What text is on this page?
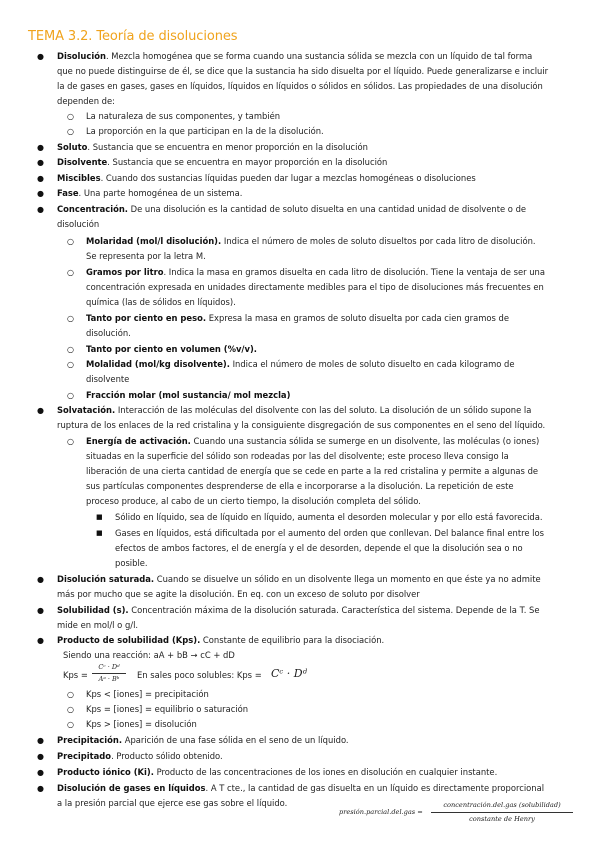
TEMA 3.2. Teoría de disoluciones
● Disolución. Mezcla homogénea que se forma cuando una sustancia sólida se mezcla con un líquido de tal forma
que no puede distinguirse de él, se dice que la sustancia ha sido disuelta por el líquido. Puede generalizarse e incluir
la de gases en gases, gases en líquidos, líquidos en líquidos o sólidos en sólidos. Las propiedades de una disolución
dependen de:
○ La naturaleza de sus componentes, y también
○ La proporción en la que participan en la de la disolución.
● Soluto. Sustancia que se encuentra en menor proporción en la disolución
● Disolvente. Sustancia que se encuentra en mayor proporción en la disolución
● Miscibles. Cuando dos sustancias líquidas pueden dar lugar a mezclas homogéneas o disoluciones
● Fase. Una parte homogénea de un sistema.
● Concentración. De una disolución es la cantidad de soluto disuelta en una cantidad unidad de disolvente o de
disolución
○ Molaridad (mol/l disolución). Indica el número de moles de soluto disueltos por cada litro de disolución.
Se representa por la letra M.
○ Gramos por litro. Indica la masa en gramos disuelta en cada litro de disolución. Tiene la ventaja de ser una
concentración expresada en unidades directamente medibles para el tipo de disoluciones más frecuentes en
química (las de sólidos en líquidos).
○ Tanto por ciento en peso. Expresa la masa en gramos de soluto disuelta por cada cien gramos de
disolución.
○ Tanto por ciento en volumen (%v/v).
○ Molalidad (mol/kg disolvente). Indica el número de moles de soluto disuelto en cada kilogramo de
disolvente
○ Fracción molar (mol sustancia/ mol mezcla)
● Solvatación. Interacción de las moléculas del disolvente con las del soluto. La disolución de un sólido supone la
ruptura de los enlaces de la red cristalina y la consiguiente disgregación de sus componentes en el seno del líquido.
○ Energía de activación. Cuando una sustancia sólida se sumerge en un disolvente, las moléculas (o iones)
situadas en la superficie del sólido son rodeadas por las del disolvente; este proceso lleva consigo la
liberación de una cierta cantidad de energía que se cede en parte a la red cristalina y permite a algunas de
sus partículas componentes desprenderse de ella e incorporarse a la disolución. La repetición de este
proceso produce, al cabo de un cierto tiempo, la disolución completa del sólido.
■ Sólido en líquido, sea de líquido en líquido, aumenta el desorden molecular y por ello está favorecida.
■ Gases en líquidos, está dificultada por el aumento del orden que conllevan. Del balance final entre los
efectos de ambos factores, el de energía y el de desorden, depende el que la disolución sea o no
posible.
● Disolución saturada. Cuando se disuelve un sólido en un disolvente llega un momento en que éste ya no admite
más por mucho que se agite la disolución. En eq. con un exceso de soluto por disolver
● Solubilidad (s). Concentración máxima de la disolución saturada. Característica del sistema. Depende de la T. Se
mide en mol/l o g/l.
● Producto de solubilidad (Kps). Constante de equilibrio para la disociación.
Siendo una reacción: aA + bB → cC + dD
Kps =
Cᶜ · Dᵈ
Aᵃ · Bᵇ	En sales poco solubles: Kps = Cᶜ · Dᵈ
○ Kps < [iones] = precipitación
○ Kps = [iones] = equilibrio o saturación
○ Kps > [iones] = disolución
● Precipitación. Aparición de una fase sólida en el seno de un líquido.
● Precipitado. Producto sólido obtenido.
● Producto iónico (Ki). Producto de las concentraciones de los iones en disolución en cualquier instante.
● Disolución de gases en líquidos. A T cte., la cantidad de gas disuelta en un líquido es directamente proporcional
a la presión parcial que ejerce ese gas sobre el líquido.
presión.parcial.del.gas =
concentración.del.gas (solubilidad)
constante de Henry
